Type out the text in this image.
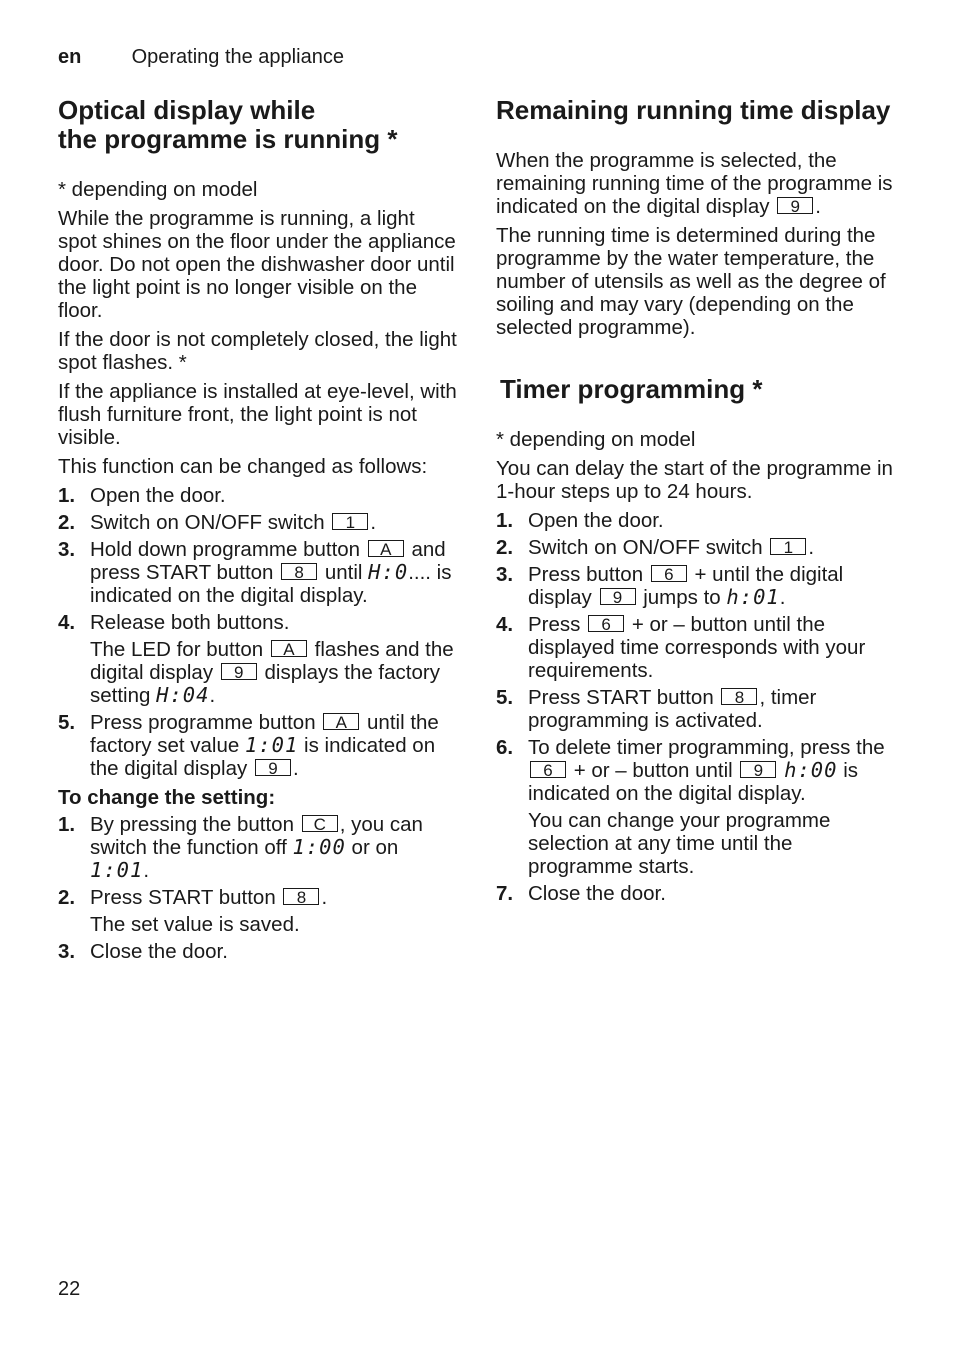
en	Operating the appliance
Optical display while
the programme is running *

* depending on model

While the programme is running, a light spot shines on the floor under the appliance door. Do not open the dishwasher door until the light point is no longer visible on the floor.

If the door is not completely closed, the light spot flashes. *

If the appliance is installed at eye-level, with flush furniture front, the light point is not visible.

This function can be changed as follows:

1. Open the door.
2. Switch on ON/OFF switch 1 .
3. Hold down programme button A and press START button 8 until H:0.... is indicated on the digital display.
4. Release both buttons.
The LED for button A flashes and the digital display 9 displays the factory setting H:04.
5. Press programme button A until the factory set value 1:01 is indicated on the digital display 9 .

To change the setting:

1. By pressing the button C , you can switch the function off 1:00 or on 1:01.
2. Press START button 8 .
The set value is saved.
3. Close the door.
Remaining running time display

When the programme is selected, the remaining running time of the programme is indicated on the digital display 9 .

The running time is determined during the programme by the water temperature, the number of utensils as well as the degree of soiling and may vary (depending on the selected programme).

Timer programming *

* depending on model

You can delay the start of the programme in 1-hour steps up to 24 hours.

1. Open the door.
2. Switch on ON/OFF switch 1 .
3. Press button 6 + until the digital display 9 jumps to h:01.
4. Press 6 + or – button until the displayed time corresponds with your requirements.
5. Press START button 8 , timer programming is activated.
6. To delete timer programming, press the 6 + or – button until 9 h:00 is indicated on the digital display.
You can change your programme selection at any time until the programme starts.
7. Close the door.
22
